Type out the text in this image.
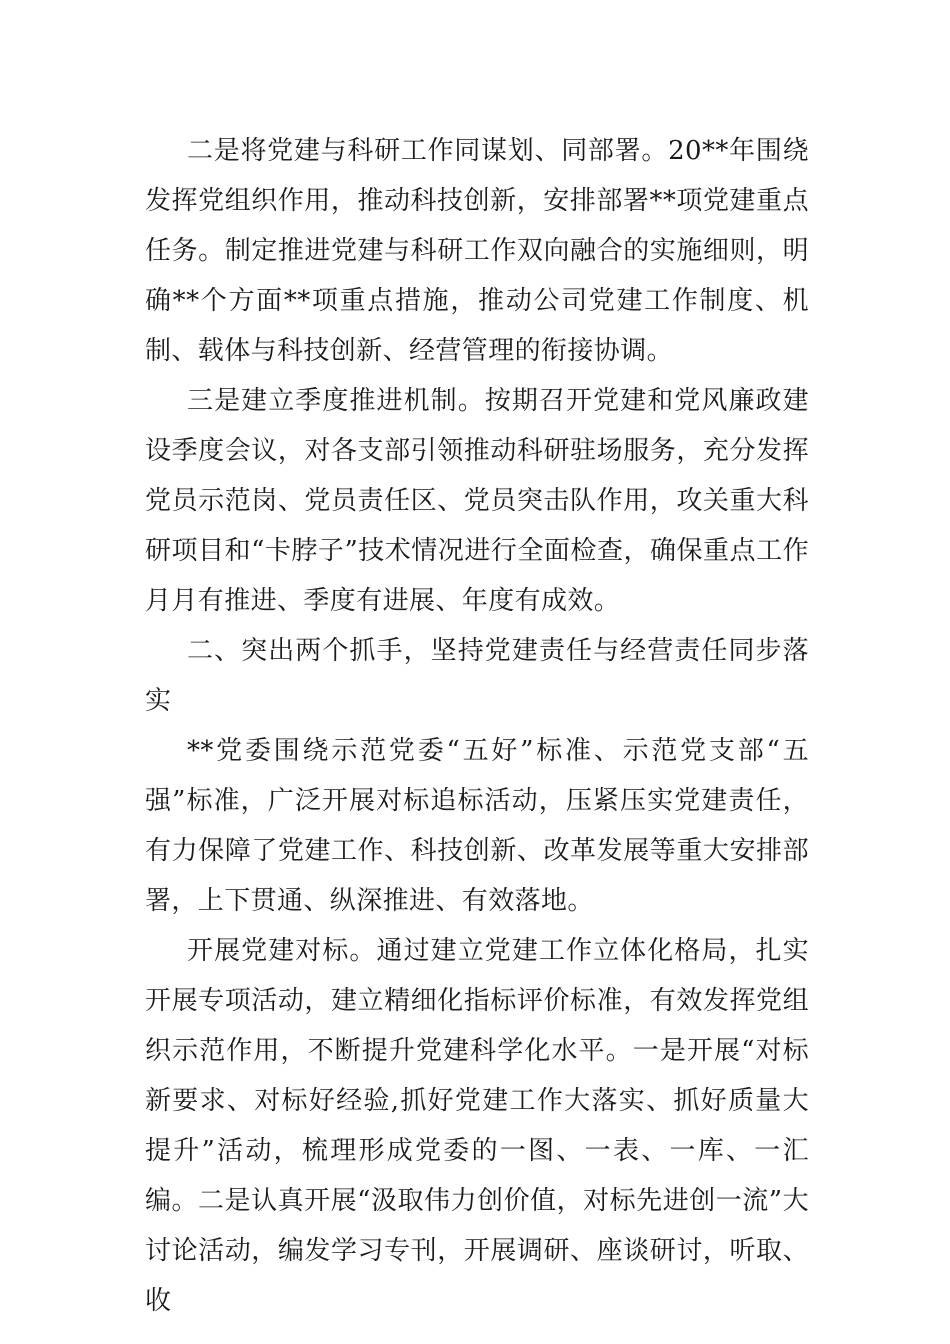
二是将党建与科研工作同谋划、同部署。20**年围绕发挥党组织作用，推动科技创新，安排部署**项党建重点任务。制定推进党建与科研工作双向融合的实施细则，明确**个方面**项重点措施，推动公司党建工作制度、机制、载体与科技创新、经营管理的衔接协调。

三是建立季度推进机制。按期召开党建和党风廉政建设季度会议，对各支部引领推动科研驻场服务，充分发挥党员示范岗、党员责任区、党员突击队作用，攻关重大科研项目和“卡脖子”技术情况进行全面检查，确保重点工作月月有推进、季度有进展、年度有成效。

二、突出两个抓手，坚持党建责任与经营责任同步落实

**党委围绕示范党委“五好”标准、示范党支部“五强”标准，广泛开展对标追标活动，压紧压实党建责任，有力保障了党建工作、科技创新、改革发展等重大安排部署，上下贯通、纵深推进、有效落地。

开展党建对标。通过建立党建工作立体化格局，扎实开展专项活动，建立精细化指标评价标准，有效发挥党组织示范作用，不断提升党建科学化水平。一是开展“对标新要求、对标好经验,抓好党建工作大落实、抓好质量大提升”活动，梳理形成党委的一图、一表、一库、一汇编。二是认真开展“汲取伟力创价值，对标先进创一流”大讨论活动，编发学习专刊，开展调研、座谈研讨，听取、收
